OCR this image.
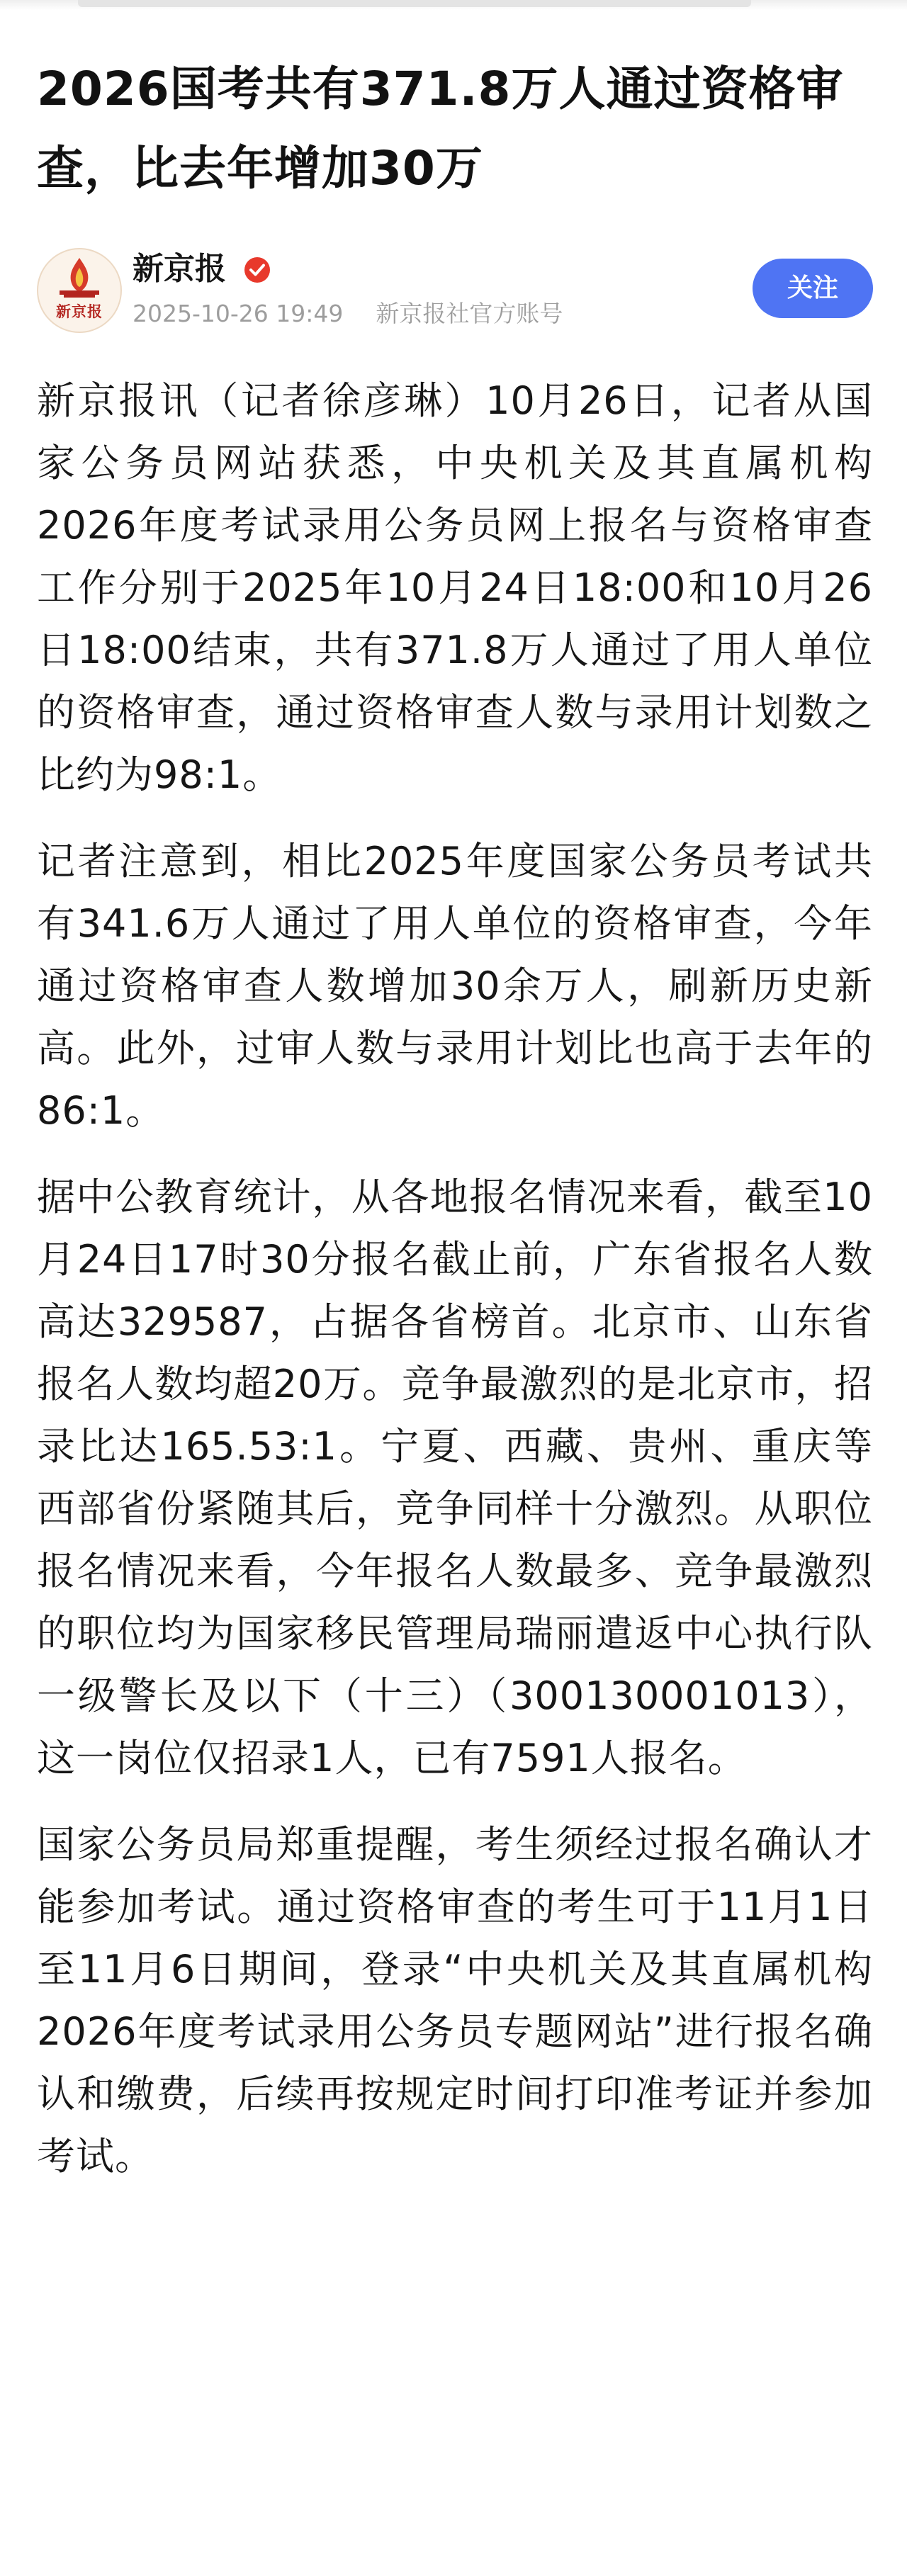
2026国考共有371.8万人通过资格审查，比去年增加30万
新京报
新京报
2025-10-26 19:49 新京报社官方账号
关注

新京报讯（记者徐彦琳）10月26日，记者从国家公务员网站获悉，中央机关及其直属机构2026年度考试录用公务员网上报名与资格审查工作分别于2025年10月24日18:00和10月26日18:00结束，共有371.8万人通过了用人单位的资格审查，通过资格审查人数与录用计划数之比约为98:1。

记者注意到，相比2025年度国家公务员考试共有341.6万人通过了用人单位的资格审查，今年通过资格审查人数增加30余万人，刷新历史新高。此外，过审人数与录用计划比也高于去年的86:1。

据中公教育统计，从各地报名情况来看，截至10月24日17时30分报名截止前，广东省报名人数高达329587，占据各省榜首。北京市、山东省报名人数均超20万。竞争最激烈的是北京市，招录比达165.53:1。宁夏、西藏、贵州、重庆等西部省份紧随其后，竞争同样十分激烈。从职位报名情况来看，今年报名人数最多、竞争最激烈的职位均为国家移民管理局瑞丽遣返中心执行队一级警长及以下（十三）（300130001013），这一岗位仅招录1人，已有7591人报名。

国家公务员局郑重提醒，考生须经过报名确认才能参加考试。通过资格审查的考生可于11月1日至11月6日期间，登录“中央机关及其直属机构2026年度考试录用公务员专题网站”进行报名确认和缴费，后续再按规定时间打印准考证并参加考试。
